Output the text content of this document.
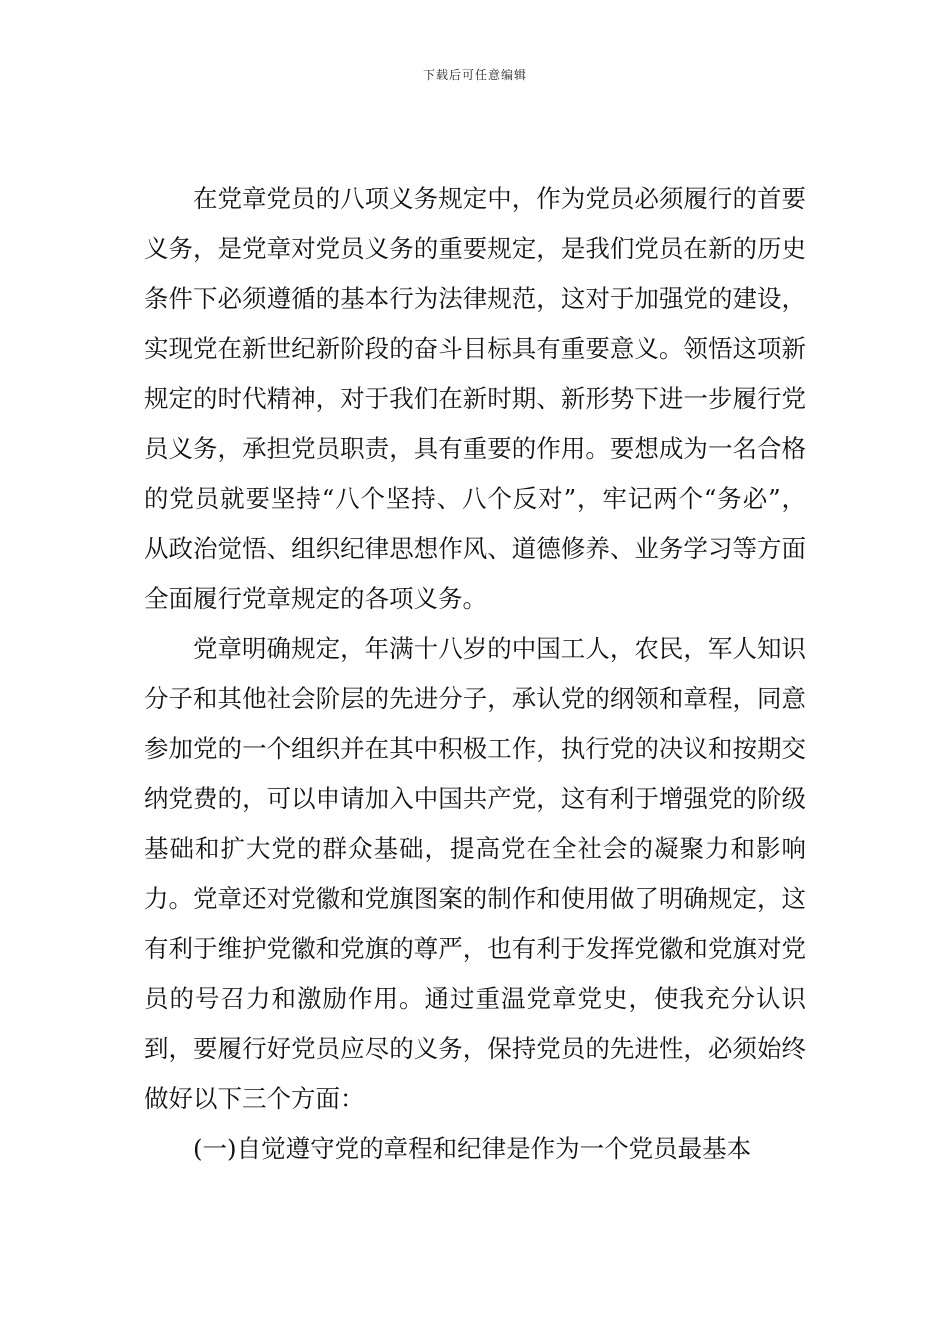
下载后可任意编辑

在党章党员的八项义务规定中，作为党员必须履行的首要义务，是党章对党员义务的重要规定，是我们党员在新的历史条件下必须遵循的基本行为法律规范，这对于加强党的建设，实现党在新世纪新阶段的奋斗目标具有重要意义。领悟这项新规定的时代精神，对于我们在新时期、新形势下进一步履行党员义务，承担党员职责，具有重要的作用。要想成为一名合格的党员就要坚持“八个坚持、八个反对”，牢记两个“务必”，从政治觉悟、组织纪律思想作风、道德修养、业务学习等方面全面履行党章规定的各项义务。

党章明确规定，年满十八岁的中国工人，农民，军人知识分子和其他社会阶层的先进分子，承认党的纲领和章程，同意参加党的一个组织并在其中积极工作，执行党的决议和按期交纳党费的，可以申请加入中国共产党，这有利于增强党的阶级基础和扩大党的群众基础，提高党在全社会的凝聚力和影响力。党章还对党徽和党旗图案的制作和使用做了明确规定，这有利于维护党徽和党旗的尊严，也有利于发挥党徽和党旗对党员的号召力和激励作用。通过重温党章党史，使我充分认识到，要履行好党员应尽的义务，保持党员的先进性，必须始终做好以下三个方面：

(一)自觉遵守党的章程和纪律是作为一个党员最基本
